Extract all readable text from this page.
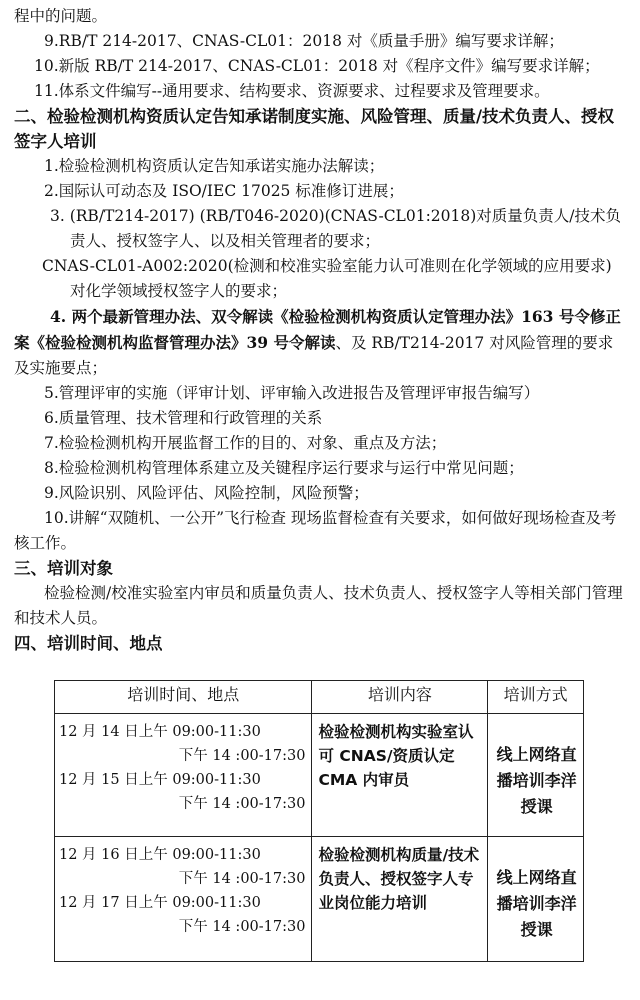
程中的问题。

9.RB/T 214-2017、CNAS-CL01：2018 对《质量手册》编写要求详解；

10.新版 RB/T 214-2017、CNAS-CL01：2018 对《程序文件》编写要求详解；

11.体系文件编写--通用要求、结构要求、资源要求、过程要求及管理要求。

二、检验检测机构资质认定告知承诺制度实施、风险管理、质量/技术负责人、授权签字人培训

1.检验检测机构资质认定告知承诺实施办法解读；

2.国际认可动态及 ISO/IEC 17025 标准修订进展；

3. (RB/T214-2017) (RB/T046-2020)(CNAS-CL01:2018)对质量负责人/技术负责人、授权签字人、以及相关管理者的要求；

CNAS-CL01-A002:2020(检测和校准实验室能力认可准则在化学领域的应用要求) 对化学领域授权签字人的要求；

4. 两个最新管理办法、双令解读《检验检测机构资质认定管理办法》163 号令修正案《检验检测机构监督管理办法》39 号令解读、及 RB/T214-2017 对风险管理的要求及实施要点；

5.管理评审的实施（评审计划、评审输入改进报告及管理评审报告编写）

6.质量管理、技术管理和行政管理的关系

7.检验检测机构开展监督工作的目的、对象、重点及方法；

8.检验检测机构管理体系建立及关键程序运行要求与运行中常见问题；

9.风险识别、风险评估、风险控制，风险预警；

10.讲解“双随机、一公开”飞行检查 现场监督检查有关要求，如何做好现场检查及考核工作。

三、培训对象

检验检测/校准实验室内审员和质量负责人、技术负责人、授权签字人等相关部门管理和技术人员。

四、培训时间、地点

培训时间、地点	培训内容	培训方式

12 月 14 日上午 09:00-11:30
下午 14 :00-17:30
12 月 15 日上午 09:00-11:30
下午 14 :00-17:30	检验检测机构实验室认可 CNAS/资质认定 CMA 内审员	线上网络直播培训李洋授课

12 月 16 日上午 09:00-11:30
下午 14 :00-17:30
12 月 17 日上午 09:00-11:30
下午 14 :00-17:30	检验检测机构质量/技术负责人、授权签字人专业岗位能力培训	线上网络直播培训李洋授课
